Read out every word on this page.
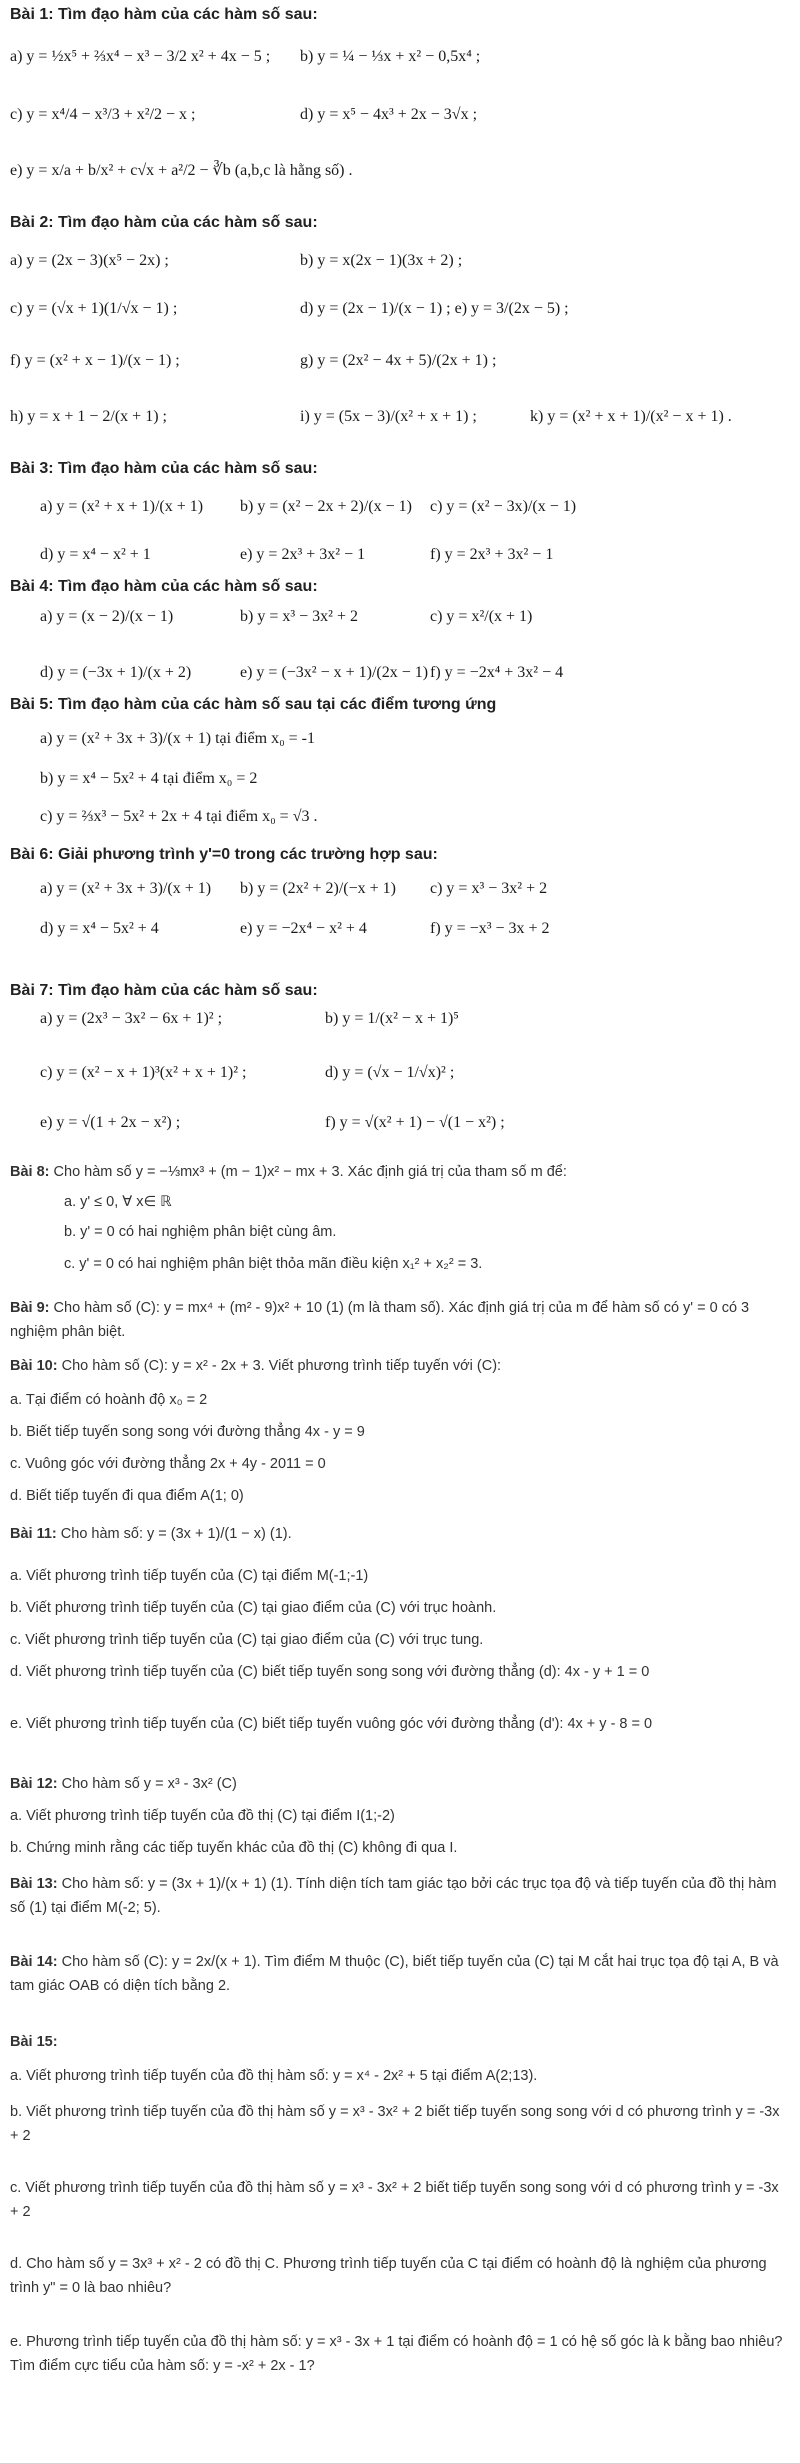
Bài 1: Tìm đạo hàm của các hàm số sau:
a) y = ½x⁵ + ⅔x⁴ − x³ − 3/2 x² + 4x − 5 ; b) y = ¼ − ⅓x + x² − 0,5x⁴ ;
c) y = x⁴/4 − x³/3 + x²/2 − x ;	d) y = x⁵ − 4x³ + 2x − 3√x ;
e) y = x/a + b/x² + c√x + a²/2 − ∛b (a,b,c là hằng số) .
Bài 2: Tìm đạo hàm của các hàm số sau:
a) y = (2x − 3)(x⁵ − 2x) ;	b) y = x(2x − 1)(3x + 2) ;
c) y = (√x + 1)(1/√x − 1) ;	d) y = (2x − 1)/(x − 1) ; e) y = 3/(2x − 5) ;
f) y = (x² + x − 1)/(x − 1) ;	g) y = (2x² − 4x + 5)/(2x + 1) ;
h) y = x + 1 − 2/(x + 1) ;	i) y = (5x − 3)/(x² + x + 1) ;	k) y = (x² + x + 1)/(x² − x + 1) .
Bài 3: Tìm đạo hàm của các hàm số sau:
a) y = (x² + x + 1)/(x + 1) b) y = (x² − 2x + 2)/(x − 1) c) y = (x² − 3x)/(x − 1)
d) y = x⁴ − x² + 1	e) y = 2x³ + 3x² − 1	f) y = 2x³ + 3x² − 1
Bài 4: Tìm đạo hàm của các hàm số sau:
a) y = (x − 2)/(x − 1)	b) y = x³ − 3x² + 2	c) y = x²/(x + 1)
d) y = (−3x + 1)/(x + 2)	e) y = (−3x² − x + 1)/(2x − 1) f) y = −2x⁴ + 3x² − 4
Bài 5: Tìm đạo hàm của các hàm số sau tại các điểm tương ứng
a) y = (x² + 3x + 3)/(x + 1) tại điểm x₀ = -1
b) y = x⁴ − 5x² + 4 tại điểm x₀ = 2
c) y = ⅔x³ − 5x² + 2x + 4 tại điểm x₀ = √3 .
Bài 6: Giải phương trình y'=0 trong các trường hợp sau:
a) y = (x² + 3x + 3)/(x + 1) b) y = (2x² + 2)/(−x + 1) c) y = x³ − 3x² + 2
d) y = x⁴ − 5x² + 4	e) y = −2x⁴ − x² + 4	f) y = −x³ − 3x + 2
Bài 7: Tìm đạo hàm của các hàm số sau:
a) y = (2x³ − 3x² − 6x + 1)² ;	b) y = 1/(x² − x + 1)⁵
c) y = (x² − x + 1)³(x² + x + 1)² ;	d) y = (√x − 1/√x)² ;
e) y = √(1 + 2x − x²) ;	f) y = √(x² + 1) − √(1 − x²) ;
Bài 8: Cho hàm số y = −⅓mx³ + (m − 1)x² − mx + 3. Xác định giá trị của tham số m để:
a. y' ≤ 0, ∀ x∈ ℝ
b. y' = 0 có hai nghiệm phân biệt cùng âm.
c. y' = 0 có hai nghiệm phân biệt thỏa mãn điều kiện x₁² + x₂² = 3.
Bài 9: Cho hàm số (C): y = mx⁴ + (m² - 9)x² + 10 (1) (m là tham số). Xác định giá trị của m để hàm số có y' = 0 có 3 nghiệm phân biệt.
Bài 10: Cho hàm số (C): y = x² - 2x + 3. Viết phương trình tiếp tuyến với (C):
a. Tại điểm có hoành độ x₀ = 2
b. Biết tiếp tuyến song song với đường thẳng 4x - y = 9
c. Vuông góc với đường thẳng 2x + 4y - 2011 = 0
d. Biết tiếp tuyến đi qua điểm A(1; 0)
Bài 11: Cho hàm số: y = (3x + 1)/(1 − x) (1).
a. Viết phương trình tiếp tuyến của (C) tại điểm M(-1;-1)
b. Viết phương trình tiếp tuyến của (C) tại giao điểm của (C) với trục hoành.
c. Viết phương trình tiếp tuyến của (C) tại giao điểm của (C) với trục tung.
d. Viết phương trình tiếp tuyến của (C) biết tiếp tuyến song song với đường thẳng (d): 4x - y + 1 = 0
e. Viết phương trình tiếp tuyến của (C) biết tiếp tuyến vuông góc với đường thẳng (d'): 4x + y - 8 = 0
Bài 12: Cho hàm số y = x³ - 3x² (C)
a. Viết phương trình tiếp tuyến của đồ thị (C) tại điểm I(1;-2)
b. Chứng minh rằng các tiếp tuyến khác của đồ thị (C) không đi qua I.
Bài 13: Cho hàm số: y = (3x + 1)/(x + 1) (1). Tính diện tích tam giác tạo bởi các trục tọa độ và tiếp tuyến của đồ thị hàm số (1) tại điểm M(-2; 5).
Bài 14: Cho hàm số (C): y = 2x/(x + 1). Tìm điểm M thuộc (C), biết tiếp tuyến của (C) tại M cắt hai trục tọa độ tại A, B và tam giác OAB có diện tích bằng 2.
Bài 15:
a. Viết phương trình tiếp tuyến của đồ thị hàm số: y = x⁴ - 2x² + 5 tại điểm A(2;13).
b. Viết phương trình tiếp tuyến của đồ thị hàm số y = x³ - 3x² + 2 biết tiếp tuyến song song với d có phương trình y = -3x + 2
c. Viết phương trình tiếp tuyến của đồ thị hàm số y = x³ - 3x² + 2 biết tiếp tuyến song song với d có phương trình y = -3x + 2
d. Cho hàm số y = 3x³ + x² - 2 có đồ thị C. Phương trình tiếp tuyến của C tại điểm có hoành độ là nghiệm của phương trình y" = 0 là bao nhiêu?
e. Phương trình tiếp tuyến của đồ thị hàm số: y = x³ - 3x + 1 tại điểm có hoành độ = 1 có hệ số góc là k bằng bao nhiêu? Tìm điểm cực tiểu của hàm số: y = -x² + 2x - 1?
